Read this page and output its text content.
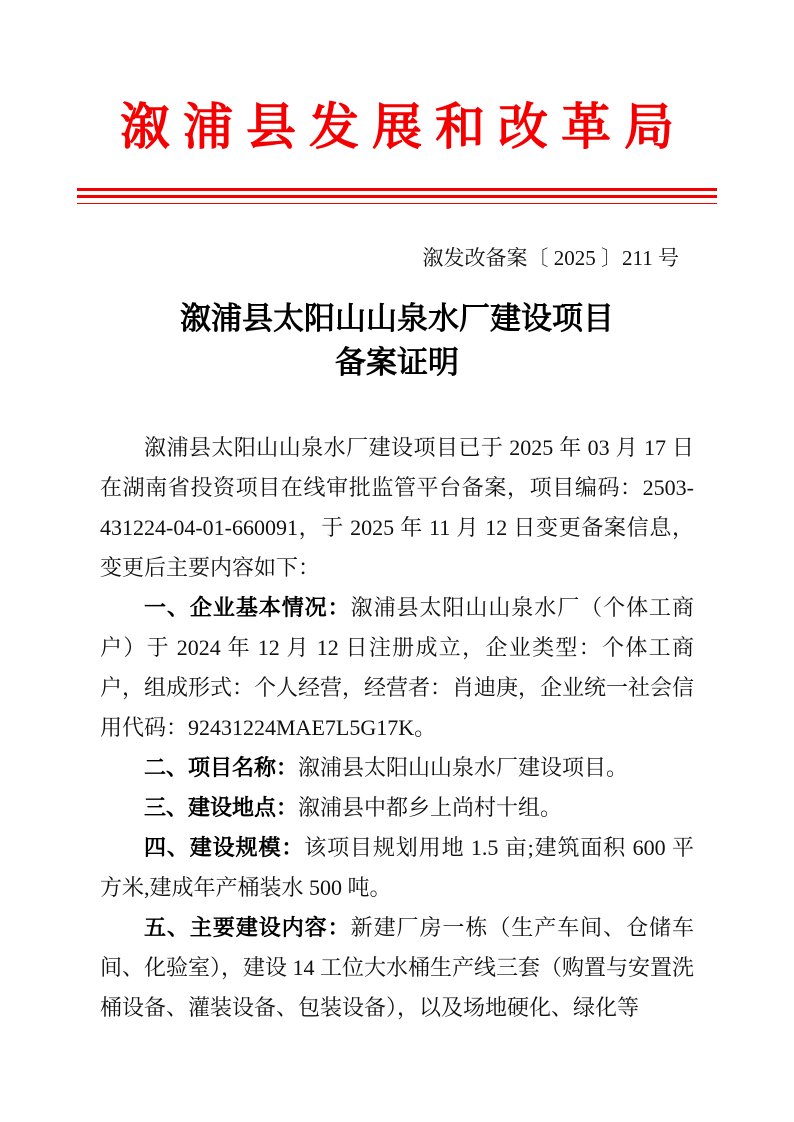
溆浦县发展和改革局
溆发改备案〔 2025 〕211 号
溆浦县太阳山山泉水厂建设项目
备案证明

溆浦县太阳山山泉水厂建设项目已于 2025 年 03 月 17 日在湖南省投资项目在线审批监管平台备案，项目编码：2503-431224-04-01-660091，于 2025 年 11 月 12 日变更备案信息，变更后主要内容如下：

一、企业基本情况：溆浦县太阳山山泉水厂（个体工商户）于 2024 年 12 月 12 日注册成立，企业类型：个体工商户，组成形式：个人经营，经营者：肖迪庚，企业统一社会信用代码：92431224MAE7L5G17K。

二、项目名称：溆浦县太阳山山泉水厂建设项目。

三、建设地点：溆浦县中都乡上尚村十组。

四、建设规模：该项目规划用地 1.5 亩;建筑面积 600 平方米,建成年产桶装水 500 吨。

五、主要建设内容：新建厂房一栋（生产车间、仓储车间、化验室），建设 14 工位大水桶生产线三套（购置与安置洗桶设备、灌装设备、包装设备），以及场地硬化、绿化等
